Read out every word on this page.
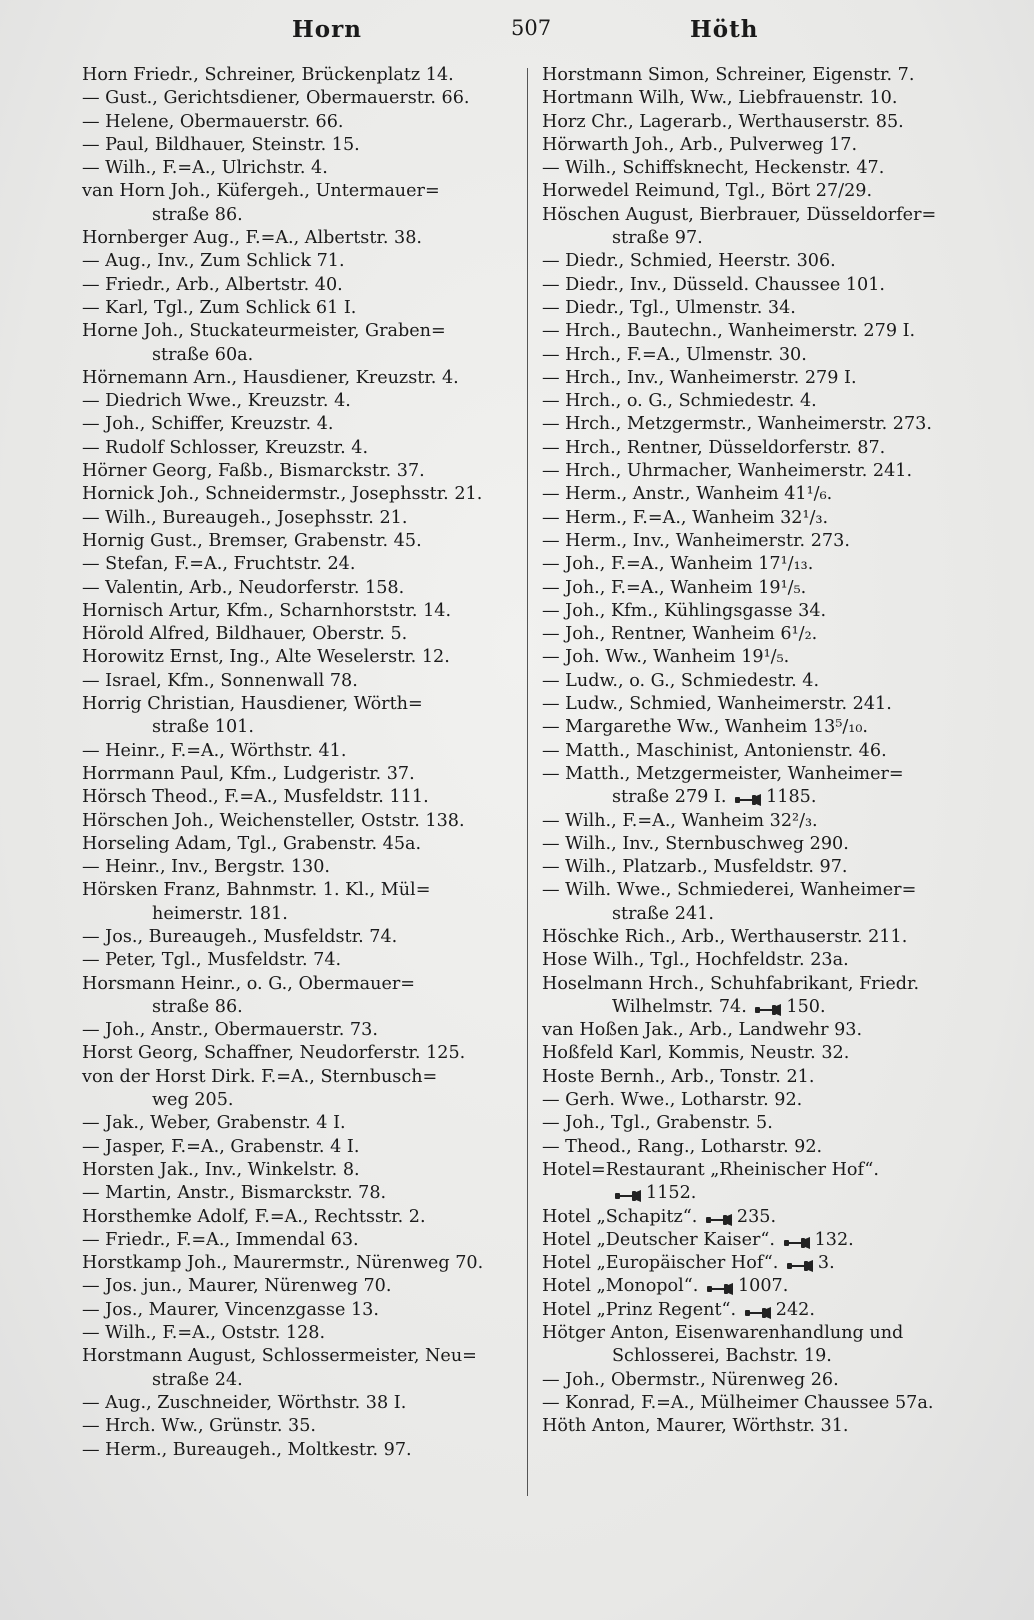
Horn	507	Höth
Horn Friedr., Schreiner, Brückenplatz 14.
— Gust., Gerichtsdiener, Obermauerstr. 66.
— Helene, Obermauerstr. 66.
— Paul, Bildhauer, Steinstr. 15.
— Wilh., F.=A., Ulrichstr. 4.
van Horn Joh., Küfergeh., Untermauer=
straße 86.
Hornberger Aug., F.=A., Albertstr. 38.
— Aug., Inv., Zum Schlick 71.
— Friedr., Arb., Albertstr. 40.
— Karl, Tgl., Zum Schlick 61 I.
Horne Joh., Stuckateurmeister, Graben=
straße 60a.
Hörnemann Arn., Hausdiener, Kreuzstr. 4.
— Diedrich Wwe., Kreuzstr. 4.
— Joh., Schiffer, Kreuzstr. 4.
— Rudolf Schlosser, Kreuzstr. 4.
Hörner Georg, Faßb., Bismarckstr. 37.
Hornick Joh., Schneidermstr., Josephsstr. 21.
— Wilh., Bureaugeh., Josephsstr. 21.
Hornig Gust., Bremser, Grabenstr. 45.
— Stefan, F.=A., Fruchtstr. 24.
— Valentin, Arb., Neudorferstr. 158.
Hornisch Artur, Kfm., Scharnhorststr. 14.
Hörold Alfred, Bildhauer, Oberstr. 5.
Horowitz Ernst, Ing., Alte Weselerstr. 12.
— Israel, Kfm., Sonnenwall 78.
Horrig Christian, Hausdiener, Wörth=
straße 101.
— Heinr., F.=A., Wörthstr. 41.
Horrmann Paul, Kfm., Ludgeristr. 37.
Hörsch Theod., F.=A., Musfeldstr. 111.
Hörschen Joh., Weichensteller, Oststr. 138.
Horseling Adam, Tgl., Grabenstr. 45a.
— Heinr., Inv., Bergstr. 130.
Hörsken Franz, Bahnmstr. 1. Kl., Mül=
heimerstr. 181.
— Jos., Bureaugeh., Musfeldstr. 74.
— Peter, Tgl., Musfeldstr. 74.
Horsmann Heinr., o. G., Obermauer=
straße 86.
— Joh., Anstr., Obermauerstr. 73.
Horst Georg, Schaffner, Neudorferstr. 125.
von der Horst Dirk. F.=A., Sternbusch=
weg 205.
— Jak., Weber, Grabenstr. 4 I.
— Jasper, F.=A., Grabenstr. 4 I.
Horsten Jak., Inv., Winkelstr. 8.
— Martin, Anstr., Bismarckstr. 78.
Horsthemke Adolf, F.=A., Rechtsstr. 2.
— Friedr., F.=A., Immendal 63.
Horstkamp Joh., Maurermstr., Nürenweg 70.
— Jos. jun., Maurer, Nürenweg 70.
— Jos., Maurer, Vincenzgasse 13.
— Wilh., F.=A., Oststr. 128.
Horstmann August, Schlossermeister, Neu=
straße 24.
— Aug., Zuschneider, Wörthstr. 38 I.
— Hrch. Ww., Grünstr. 35.
— Herm., Bureaugeh., Moltkestr. 97.
Horstmann Simon, Schreiner, Eigenstr. 7.
Hortmann Wilh, Ww., Liebfrauenstr. 10.
Horz Chr., Lagerarb., Werthauserstr. 85.
Hörwarth Joh., Arb., Pulverweg 17.
— Wilh., Schiffsknecht, Heckenstr. 47.
Horwedel Reimund, Tgl., Bört 27/29.
Höschen August, Bierbrauer, Düsseldorfer=
straße 97.
— Diedr., Schmied, Heerstr. 306.
— Diedr., Inv., Düsseld. Chaussee 101.
— Diedr., Tgl., Ulmenstr. 34.
— Hrch., Bautechn., Wanheimerstr. 279 I.
— Hrch., F.=A., Ulmenstr. 30.
— Hrch., Inv., Wanheimerstr. 279 I.
— Hrch., o. G., Schmiedestr. 4.
— Hrch., Metzgermstr., Wanheimerstr. 273.
— Hrch., Rentner, Düsseldorferstr. 87.
— Hrch., Uhrmacher, Wanheimerstr. 241.
— Herm., Anstr., Wanheim 41¹/₆.
— Herm., F.=A., Wanheim 32¹/₃.
— Herm., Inv., Wanheimerstr. 273.
— Joh., F.=A., Wanheim 17¹/₁₃.
— Joh., F.=A., Wanheim 19¹/₅.
— Joh., Kfm., Kühlingsgasse 34.
— Joh., Rentner, Wanheim 6¹/₂.
— Joh. Ww., Wanheim 19¹/₅.
— Ludw., o. G., Schmiedestr. 4.
— Ludw., Schmied, Wanheimerstr. 241.
— Margarethe Ww., Wanheim 13⁵/₁₀.
— Matth., Maschinist, Antonienstr. 46.
— Matth., Metzgermeister, Wanheimer=
straße 279 I. 1185.
— Wilh., F.=A., Wanheim 32²/₃.
— Wilh., Inv., Sternbuschweg 290.
— Wilh., Platzarb., Musfeldstr. 97.
— Wilh. Wwe., Schmiederei, Wanheimer=
straße 241.
Höschke Rich., Arb., Werthauserstr. 211.
Hose Wilh., Tgl., Hochfeldstr. 23a.
Hoselmann Hrch., Schuhfabrikant, Friedr.
Wilhelmstr. 74. 150.
van Hoßen Jak., Arb., Landwehr 93.
Hoßfeld Karl, Kommis, Neustr. 32.
Hoste Bernh., Arb., Tonstr. 21.
— Gerh. Wwe., Lotharstr. 92.
— Joh., Tgl., Grabenstr. 5.
— Theod., Rang., Lotharstr. 92.
Hotel=Restaurant „Rheinischer Hof“.
1152.
Hotel „Schapitz“. 235.
Hotel „Deutscher Kaiser“. 132.
Hotel „Europäischer Hof“. 3.
Hotel „Monopol“. 1007.
Hotel „Prinz Regent“. 242.
Hötger Anton, Eisenwarenhandlung und
Schlosserei, Bachstr. 19.
— Joh., Obermstr., Nürenweg 26.
— Konrad, F.=A., Mülheimer Chaussee 57a.
Höth Anton, Maurer, Wörthstr. 31.
